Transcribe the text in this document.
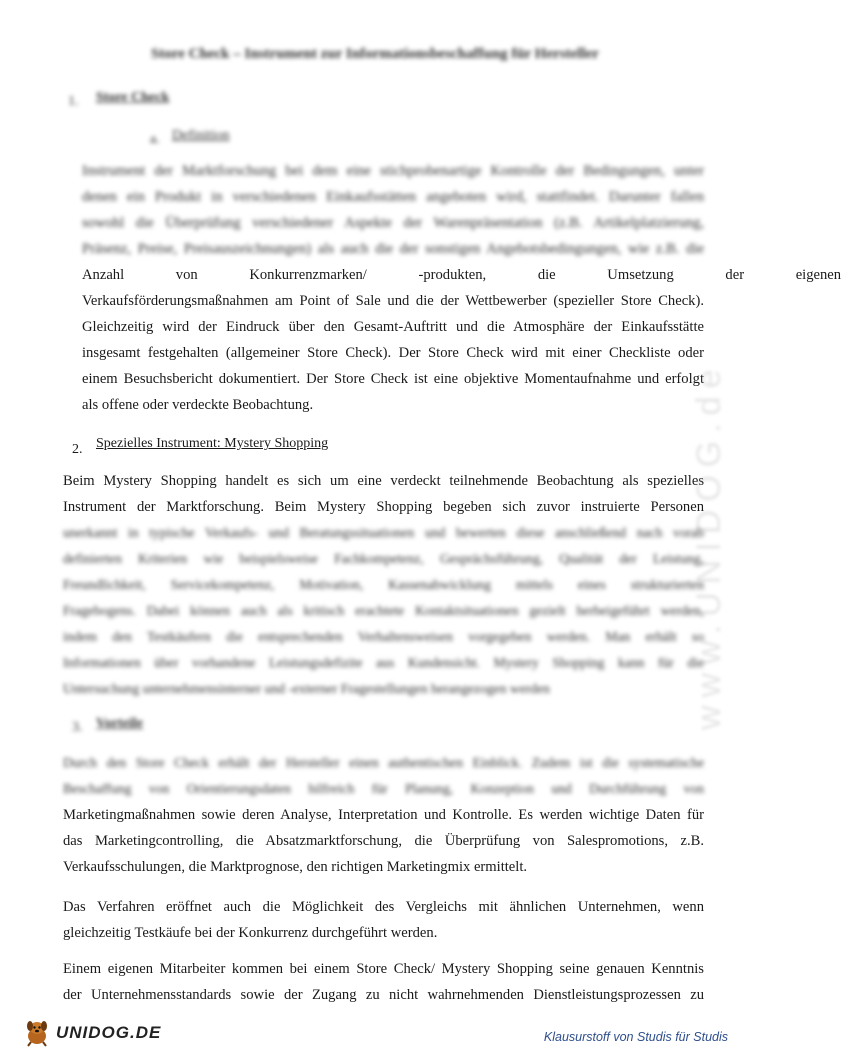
Store Check – Instrument zur Informationsbeschaffung für Hersteller
1. Store Check
a. Definition
Instrument der Marktforschung bei dem eine stichprobenartige Kontrolle der Bedingungen, unter
denen ein Produkt in verschiedenen Einkaufsstätten angeboten wird, stattfindet. Darunter fallen
sowohl die Überprüfung verschiedener Aspekte der Warenpräsentation (z.B. Artikelplatzierung,
Präsenz, Preise, Preisauszeichnungen) als auch die der sonstigen Angebotsbedingungen, wie z.B. die
Anzahl von Konkurrenzmarken/ -produkten, die Umsetzung der eigenen
Verkaufsförderungsmaßnahmen am Point of Sale und die der Wettbewerber (spezieller Store Check).
Gleichzeitig wird der Eindruck über den Gesamt-Auftritt und die Atmosphäre der Einkaufsstätte
insgesamt festgehalten (allgemeiner Store Check). Der Store Check wird mit einer Checkliste oder
einem Besuchsbericht dokumentiert. Der Store Check ist eine objektive Momentaufnahme und erfolgt
als offene oder verdeckte Beobachtung.
2. Spezielles Instrument: Mystery Shopping
Beim Mystery Shopping handelt es sich um eine verdeckt teilnehmende Beobachtung als spezielles
Instrument der Marktforschung. Beim Mystery Shopping begeben sich zuvor instruierte Personen
unerkannt in typische Verkaufs- und Beratungssituationen und bewerten diese anschließend nach vorab
definierten Kriterien wie beispielsweise Fachkompetenz, Gesprächsführung, Qualität der Leistung,
Freundlichkeit, Servicekompetenz, Motivation, Kassenabwicklung mittels eines strukturierten
Fragebogens. Dabei können auch als kritisch erachtete Kontaktsituationen gezielt herbeigeführt werden,
indem den Testkäufern die entsprechenden Verhaltensweisen vorgegeben werden. Man erhält so
Informationen über vorhandene Leistungsdefizite aus Kundensicht. Mystery Shopping kann für die
Untersuchung unternehmensinterner und -externer Fragestellungen herangezogen werden
3. Vorteile
Durch den Store Check erhält der Hersteller einen authentischen Einblick. Zudem ist die systematische
Beschaffung von Orientierungsdaten hilfreich für Planung, Konzeption und Durchführung von
Marketingmaßnahmen sowie deren Analyse, Interpretation und Kontrolle. Es werden wichtige Daten für
das Marketingcontrolling, die Absatzmarktforschung, die Überprüfung von Salespromotions, z.B.
Verkaufsschulungen, die Marktprognose, den richtigen Marketingmix ermittelt.
Das Verfahren eröffnet auch die Möglichkeit des Vergleichs mit ähnlichen Unternehmen, wenn
gleichzeitig Testkäufe bei der Konkurrenz durchgeführt werden.
Einem eigenen Mitarbeiter kommen bei einem Store Check/ Mystery Shopping seine genauen Kenntnis
der Unternehmensstandards sowie der Zugang zu nicht wahrnehmenden Dienstleistungsprozessen zu
www.UNIDOG.de
UNIDOG.DE	Klausurstoff von Studis für Studis
